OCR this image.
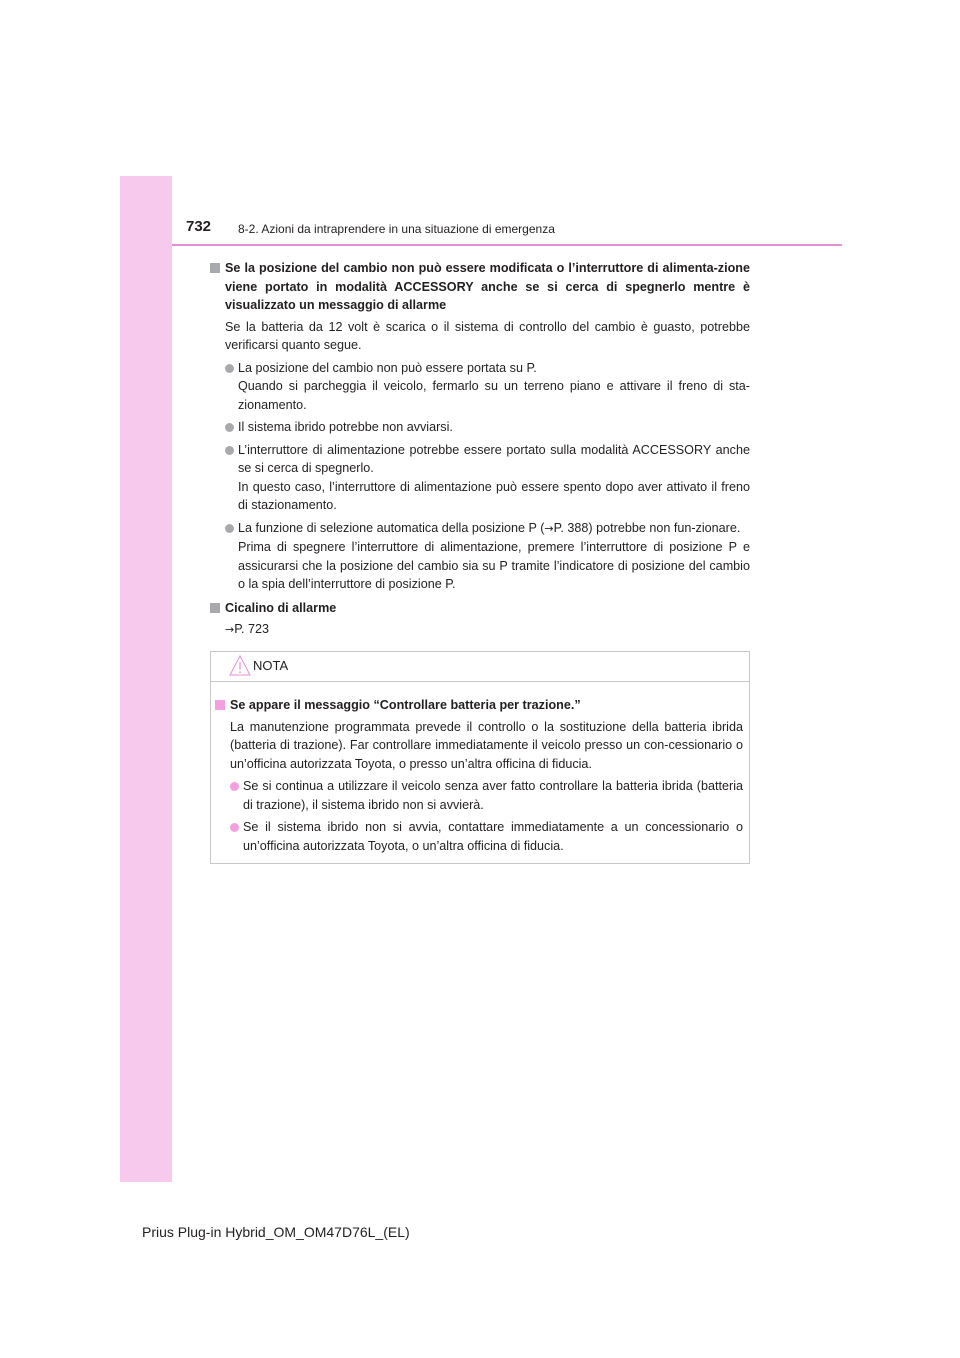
732 8-2. Azioni da intraprendere in una situazione di emergenza
Se la posizione del cambio non può essere modificata o l’interruttore di alimenta-zione viene portato in modalità ACCESSORY anche se si cerca di spegnerlo mentre è visualizzato un messaggio di allarme
Se la batteria da 12 volt è scarica o il sistema di controllo del cambio è guasto, potrebbe verificarsi quanto segue.
La posizione del cambio non può essere portata su P.
Quando si parcheggia il veicolo, fermarlo su un terreno piano e attivare il freno di sta-zionamento.
Il sistema ibrido potrebbe non avviarsi.
L’interruttore di alimentazione potrebbe essere portato sulla modalità ACCESSORY anche se si cerca di spegnerlo.
In questo caso, l’interruttore di alimentazione può essere spento dopo aver attivato il freno di stazionamento.
La funzione di selezione automatica della posizione P (→P. 388) potrebbe non fun-zionare.
Prima di spegnere l’interruttore di alimentazione, premere l’interruttore di posizione P e assicurarsi che la posizione del cambio sia su P tramite l’indicatore di posizione del cambio o la spia dell’interruttore di posizione P.
Cicalino di allarme
→P. 723
NOTA
Se appare il messaggio “Controllare batteria per trazione.”
La manutenzione programmata prevede il controllo o la sostituzione della batteria ibrida (batteria di trazione). Far controllare immediatamente il veicolo presso un con-cessionario o un’officina autorizzata Toyota, o presso un’altra officina di fiducia.
Se si continua a utilizzare il veicolo senza aver fatto controllare la batteria ibrida (batteria di trazione), il sistema ibrido non si avvierà.
Se il sistema ibrido non si avvia, contattare immediatamente a un concessionario o un’officina autorizzata Toyota, o un’altra officina di fiducia.
Prius Plug-in Hybrid_OM_OM47D76L_(EL)
